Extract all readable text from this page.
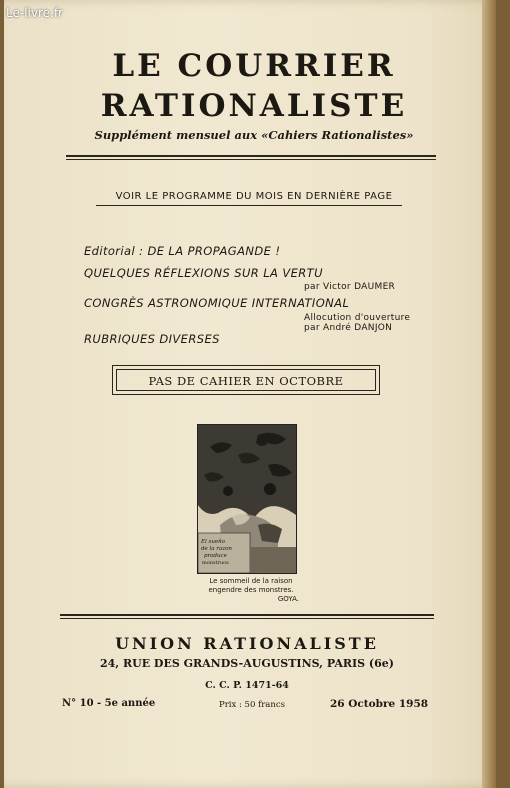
LE COURRIER
RATIONALISTE
Supplément mensuel aux «Cahiers Rationalistes»
VOIR LE PROGRAMME DU MOIS EN DERNIÈRE PAGE
Editorial : DE LA PROPAGANDE !
QUELQUES RÉFLEXIONS SUR LA VERTU
par Victor DAUMER
CONGRÈS ASTRONOMIQUE INTERNATIONAL
Allocution d'ouverture
par André DANJON
RUBRIQUES DIVERSES
PAS DE CAHIER EN OCTOBRE
El sueño
de la razon
produce
monstruos
Le sommeil de la raison
engendre des monstres.
GOYA.
UNION RATIONALISTE
24, RUE DES GRANDS-AUGUSTINS, PARIS (6e)
C. C. P. 1471-64
N° 10 - 5e année	Prix : 50 francs	26 Octobre 1958
Le-livre.fr
